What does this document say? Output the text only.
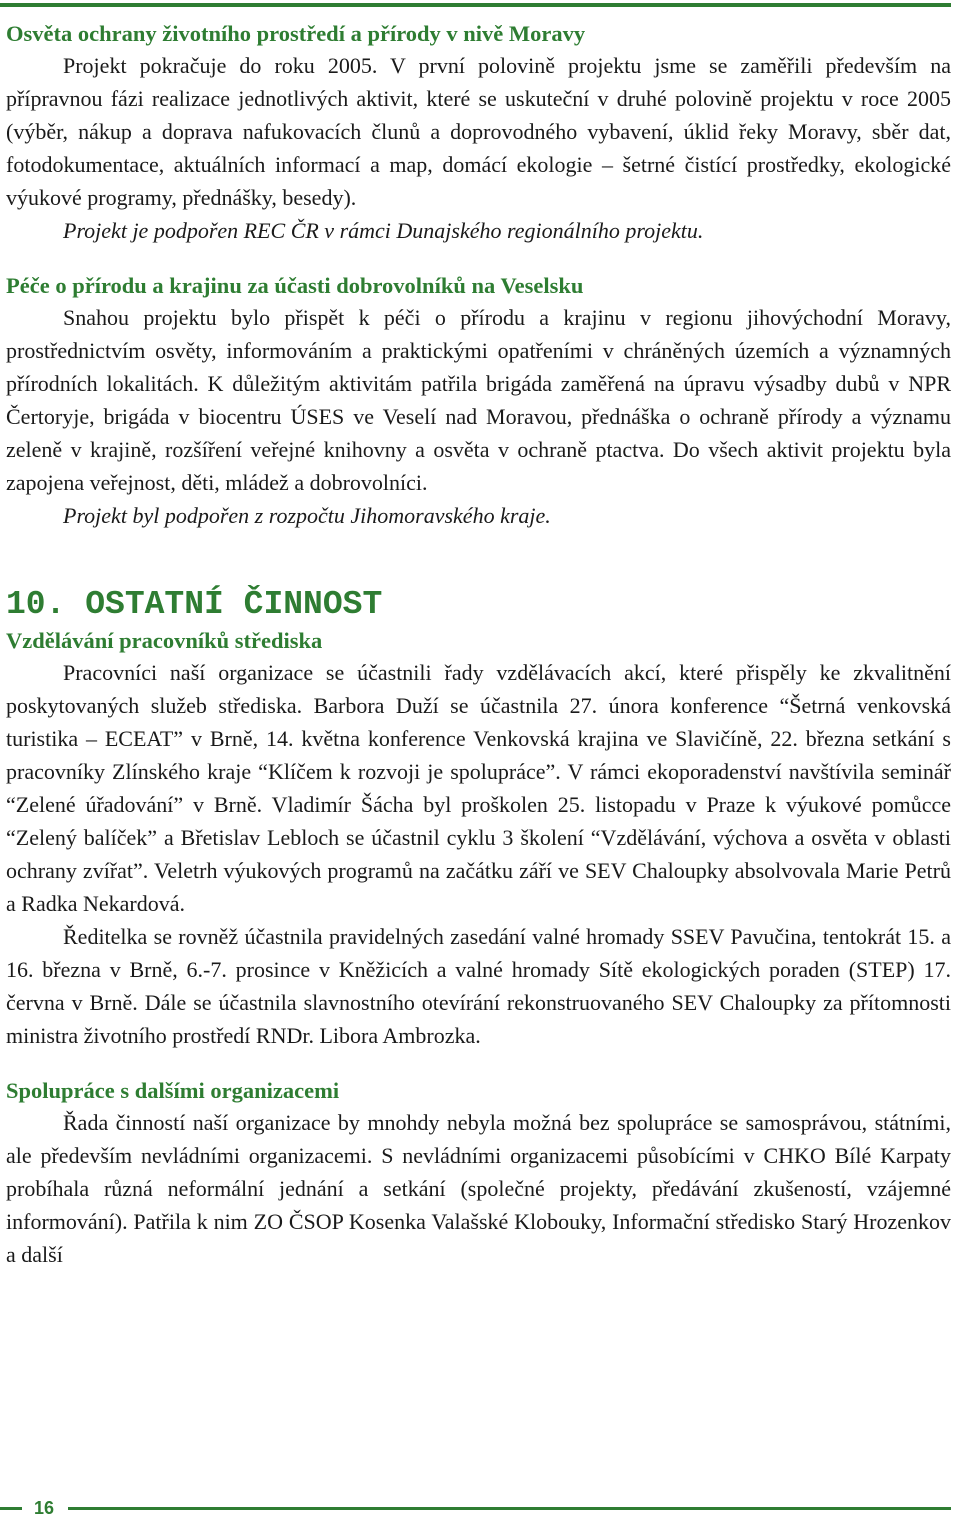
Osvěta ochrany životního prostředí a přírody v nivě Moravy

Projekt pokračuje do roku 2005. V první polovině projektu jsme se zaměřili především na přípravnou fázi realizace jednotlivých aktivit, které se uskuteční v druhé polovině projektu v roce 2005 (výběr, nákup a doprava nafukovacích člunů a doprovodného vybavení, úklid řeky Moravy, sběr dat, fotodokumentace, aktuálních informací a map, domácí ekologie – šetrné čistící prostředky, ekologické výukové programy, přednášky, besedy).

Projekt je podpořen REC ČR v rámci Dunajského regionálního projektu.

Péče o přírodu a krajinu za účasti dobrovolníků na Veselsku

Snahou projektu bylo přispět k péči o přírodu a krajinu v regionu jihovýchodní Moravy, prostřednictvím osvěty, informováním a praktickými opatřeními v chráněných územích a významných přírodních lokalitách. K důležitým aktivitám patřila brigáda zaměřená na úpravu výsadby dubů v NPR Čertoryje, brigáda v biocentru ÚSES ve Veselí nad Moravou, přednáška o ochraně přírody a významu zeleně v krajině, rozšíření veřejné knihovny a osvěta v ochraně ptactva. Do všech aktivit projektu byla zapojena veřejnost, děti, mládež a dobrovolníci.

Projekt byl podpořen z rozpočtu Jihomoravského kraje.

10. OSTATNÍ ČINNOST
Vzdělávání pracovníků střediska

Pracovníci naší organizace se účastnili řady vzdělávacích akcí, které přispěly ke zkvalitnění poskytovaných služeb střediska. Barbora Duží se účastnila 27. února konference “Šetrná venkovská turistika – ECEAT” v Brně, 14. května konference Venkovská krajina ve Slavičíně, 22. března setkání s pracovníky Zlínského kraje “Klíčem k rozvoji je spolupráce”. V rámci ekoporadenství navštívila seminář “Zelené úřadování” v Brně. Vladimír Šácha byl proškolen 25. listopadu v Praze k výukové pomůcce “Zelený balíček” a Břetislav Lebloch se účastnil cyklu 3 školení “Vzdělávání, výchova a osvěta v oblasti ochrany zvířat”. Veletrh výukových programů na začátku září ve SEV Chaloupky absolvovala Marie Petrů a Radka Nekardová.

Ředitelka se rovněž účastnila pravidelných zasedání valné hromady SSEV Pavučina, tentokrát 15. a 16. března v Brně, 6.-7. prosince v Kněžicích a valné hromady Sítě ekologických poraden (STEP) 17. června v Brně. Dále se účastnila slavnostního otevírání rekonstruovaného SEV Chaloupky za přítomnosti ministra životního prostředí RNDr. Libora Ambrozka.

Spolupráce s dalšími organizacemi

Řada činností naší organizace by mnohdy nebyla možná bez spolupráce se samosprávou, státními, ale především nevládními organizacemi. S nevládními organizacemi působícími v CHKO Bílé Karpaty probíhala různá neformální jednání a setkání (společné projekty, předávání zkušeností, vzájemné informování). Patřila k nim ZO ČSOP Kosenka Valašské Klobouky, Informační středisko Starý Hrozenkov a další

16
